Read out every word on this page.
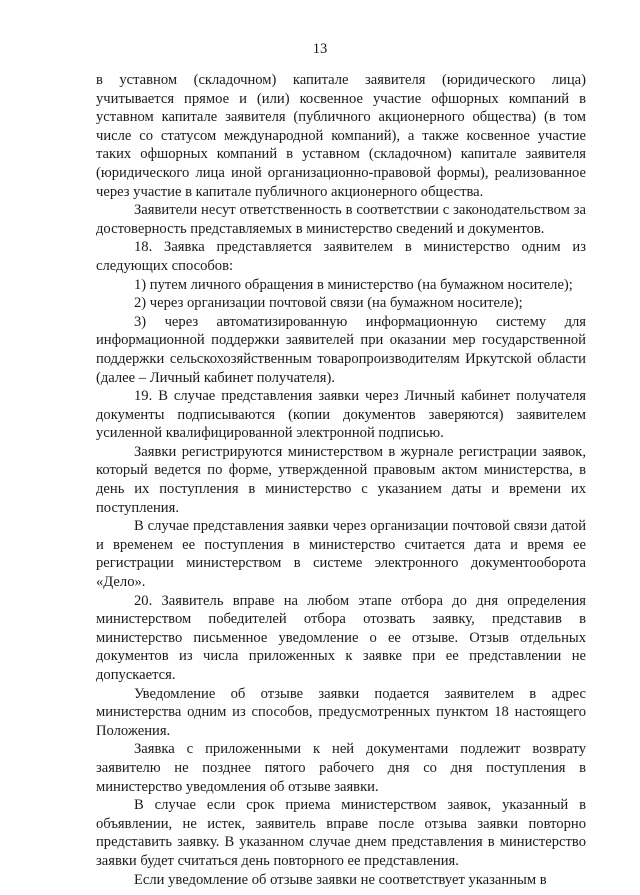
13

в уставном (складочном) капитале заявителя (юридического лица) учитывается прямое и (или) косвенное участие офшорных компаний в уставном капитале заявителя (публичного акционерного общества) (в том числе со статусом международной компаний), а также косвенное участие таких офшорных компаний в уставном (складочном) капитале заявителя (юридического лица иной организационно-правовой формы), реализованное через участие в капитале публичного акционерного общества.

Заявители несут ответственность в соответствии с законодательством за достоверность представляемых в министерство сведений и документов.

18. Заявка представляется заявителем в министерство одним из следующих способов:

1) путем личного обращения в министерство (на бумажном носителе);

2) через организации почтовой связи (на бумажном носителе);

3) через автоматизированную информационную систему для информационной поддержки заявителей при оказании мер государственной поддержки сельскохозяйственным товаропроизводителям Иркутской области (далее – Личный кабинет получателя).

19. В случае представления заявки через Личный кабинет получателя документы подписываются (копии документов заверяются) заявителем усиленной квалифицированной электронной подписью.

Заявки регистрируются министерством в журнале регистрации заявок, который ведется по форме, утвержденной правовым актом министерства, в день их поступления в министерство с указанием даты и времени их поступления.

В случае представления заявки через организации почтовой связи датой и временем ее поступления в министерство считается дата и время ее регистрации министерством в системе электронного документооборота «Дело».

20. Заявитель вправе на любом этапе отбора до дня определения министерством победителей отбора отозвать заявку, представив в министерство письменное уведомление о ее отзыве. Отзыв отдельных документов из числа приложенных к заявке при ее представлении не допускается.

Уведомление об отзыве заявки подается заявителем в адрес министерства одним из способов, предусмотренных пунктом 18 настоящего Положения.

Заявка с приложенными к ней документами подлежит возврату заявителю не позднее пятого рабочего дня со дня поступления в министерство уведомления об отзыве заявки.

В случае если срок приема министерством заявок, указанный в объявлении, не истек, заявитель вправе после отзыва заявки повторно представить заявку. В указанном случае днем представления в министерство заявки будет считаться день повторного ее представления.

Если уведомление об отзыве заявки не соответствует указанным в
